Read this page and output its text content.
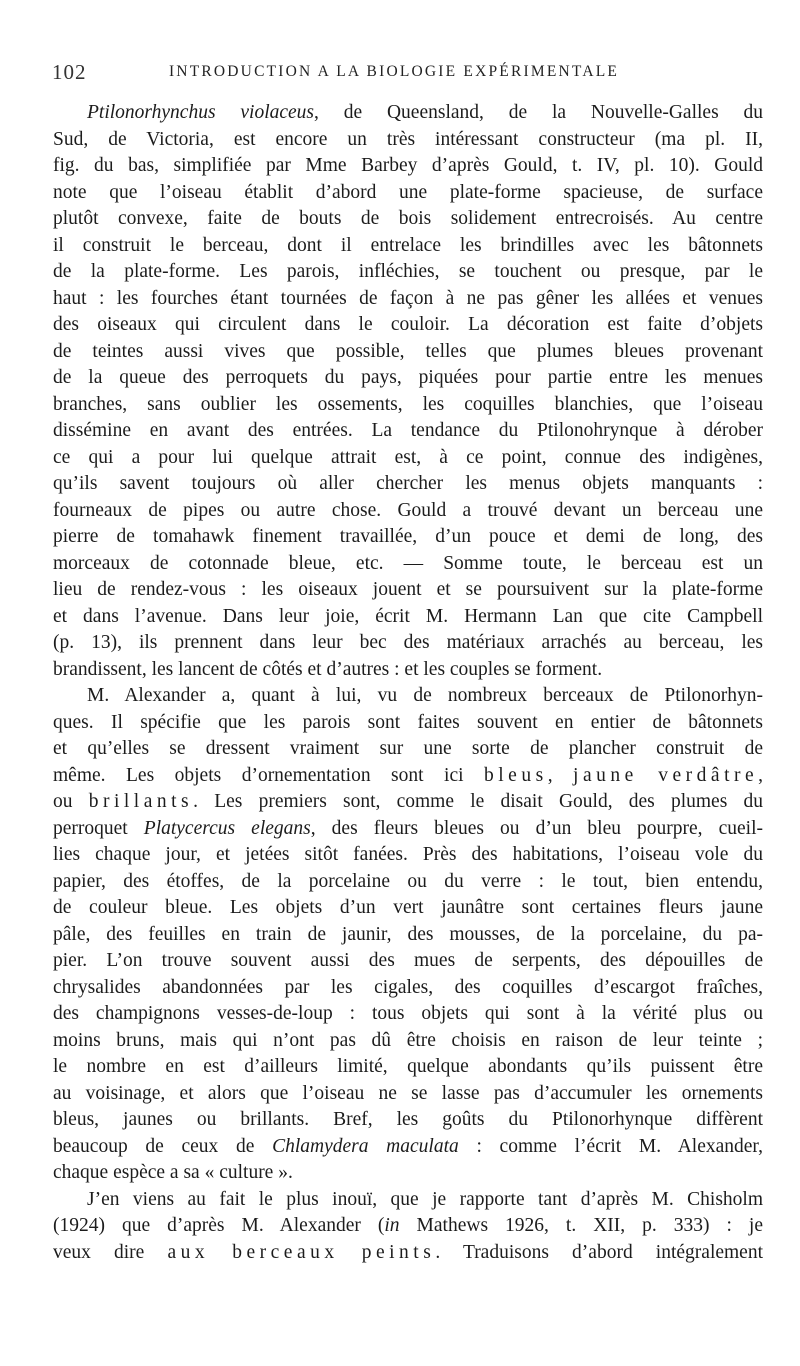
102	INTRODUCTION A LA BIOLOGIE EXPÉRIMENTALE
Ptilonorhynchus violaceus, de Queensland, de la Nouvelle-Galles du
Sud, de Victoria, est encore un très intéressant constructeur (ma pl. II,
fig. du bas, simplifiée par Mme Barbey d’après Gould, t. IV, pl. 10). Gould
note que l’oiseau établit d’abord une plate-forme spacieuse, de surface
plutôt convexe, faite de bouts de bois solidement entrecroisés. Au centre
il construit le berceau, dont il entrelace les brindilles avec les bâtonnets
de la plate-forme. Les parois, infléchies, se touchent ou presque, par le
haut : les fourches étant tournées de façon à ne pas gêner les allées et venues
des oiseaux qui circulent dans le couloir. La décoration est faite d’objets
de teintes aussi vives que possible, telles que plumes bleues provenant
de la queue des perroquets du pays, piquées pour partie entre les menues
branches, sans oublier les ossements, les coquilles blanchies, que l’oiseau
dissémine en avant des entrées. La tendance du Ptilonohrynque à dérober
ce qui a pour lui quelque attrait est, à ce point, connue des indigènes,
qu’ils savent toujours où aller chercher les menus objets manquants :
fourneaux de pipes ou autre chose. Gould a trouvé devant un berceau une
pierre de tomahawk finement travaillée, d’un pouce et demi de long, des
morceaux de cotonnade bleue, etc. — Somme toute, le berceau est un
lieu de rendez-vous : les oiseaux jouent et se poursuivent sur la plate-forme
et dans l’avenue. Dans leur joie, écrit M. Hermann Lan que cite Campbell
(p. 13), ils prennent dans leur bec des matériaux arrachés au berceau, les
brandissent, les lancent de côtés et d’autres : et les couples se forment.
M. Alexander a, quant à lui, vu de nombreux berceaux de Ptilonorhyn-
ques. Il spécifie que les parois sont faites souvent en entier de bâtonnets
et qu’elles se dressent vraiment sur une sorte de plancher construit de
même. Les objets d’ornementation sont ici bleus, jaune verdâtre,
ou brillants. Les premiers sont, comme le disait Gould, des plumes du
perroquet Platycercus elegans, des fleurs bleues ou d’un bleu pourpre, cueil-
lies chaque jour, et jetées sitôt fanées. Près des habitations, l’oiseau vole du
papier, des étoffes, de la porcelaine ou du verre : le tout, bien entendu,
de couleur bleue. Les objets d’un vert jaunâtre sont certaines fleurs jaune
pâle, des feuilles en train de jaunir, des mousses, de la porcelaine, du pa-
pier. L’on trouve souvent aussi des mues de serpents, des dépouilles de
chrysalides abandonnées par les cigales, des coquilles d’escargot fraîches,
des champignons vesses-de-loup : tous objets qui sont à la vérité plus ou
moins bruns, mais qui n’ont pas dû être choisis en raison de leur teinte ;
le nombre en est d’ailleurs limité, quelque abondants qu’ils puissent être
au voisinage, et alors que l’oiseau ne se lasse pas d’accumuler les ornements
bleus, jaunes ou brillants. Bref, les goûts du Ptilonorhynque diffèrent
beaucoup de ceux de Chlamydera maculata : comme l’écrit M. Alexander,
chaque espèce a sa « culture ».
J’en viens au fait le plus inouï, que je rapporte tant d’après M. Chisholm
(1924) que d’après M. Alexander (in Mathews 1926, t. XII, p. 333) : je
veux dire aux berceaux peints. Traduisons d’abord intégralement
